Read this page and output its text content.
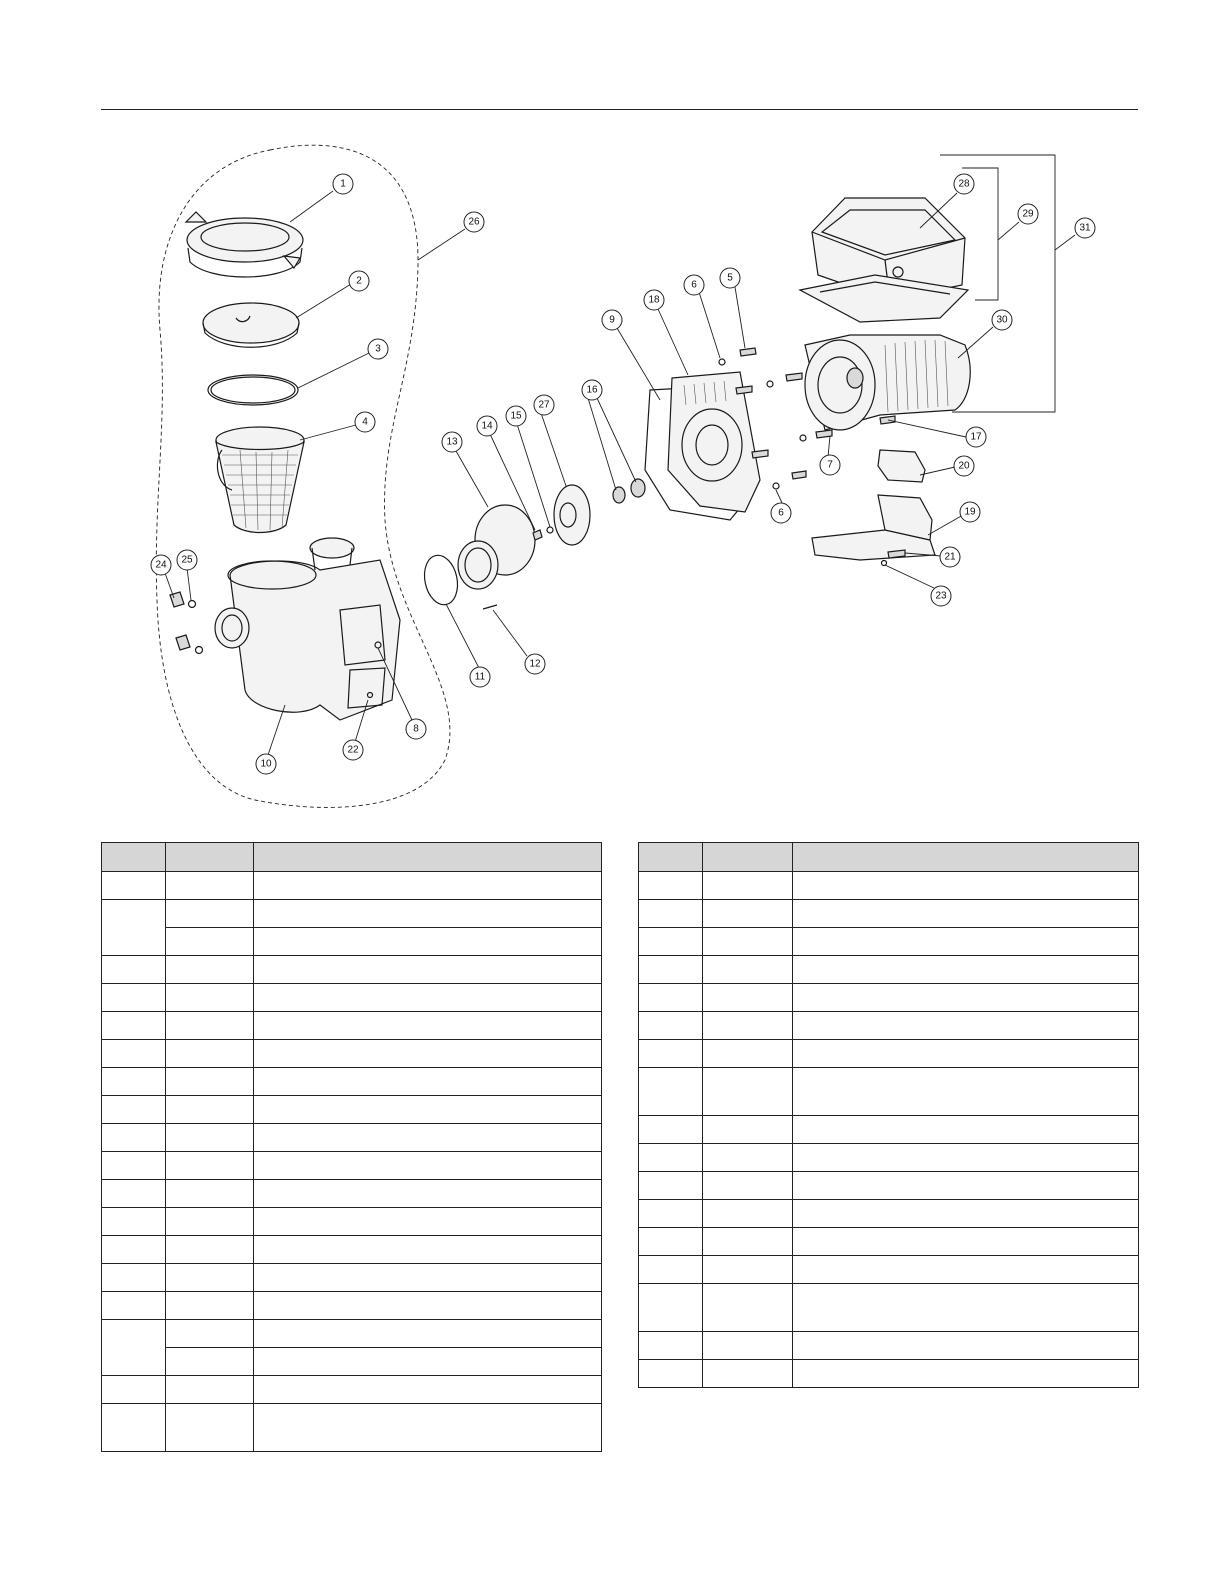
1
2
3
4
5
6
6
7
8
9
10
11
12
13
14
15
16
17
18
19
20
21
22
23
24 25
26
27
28
29
30
31
